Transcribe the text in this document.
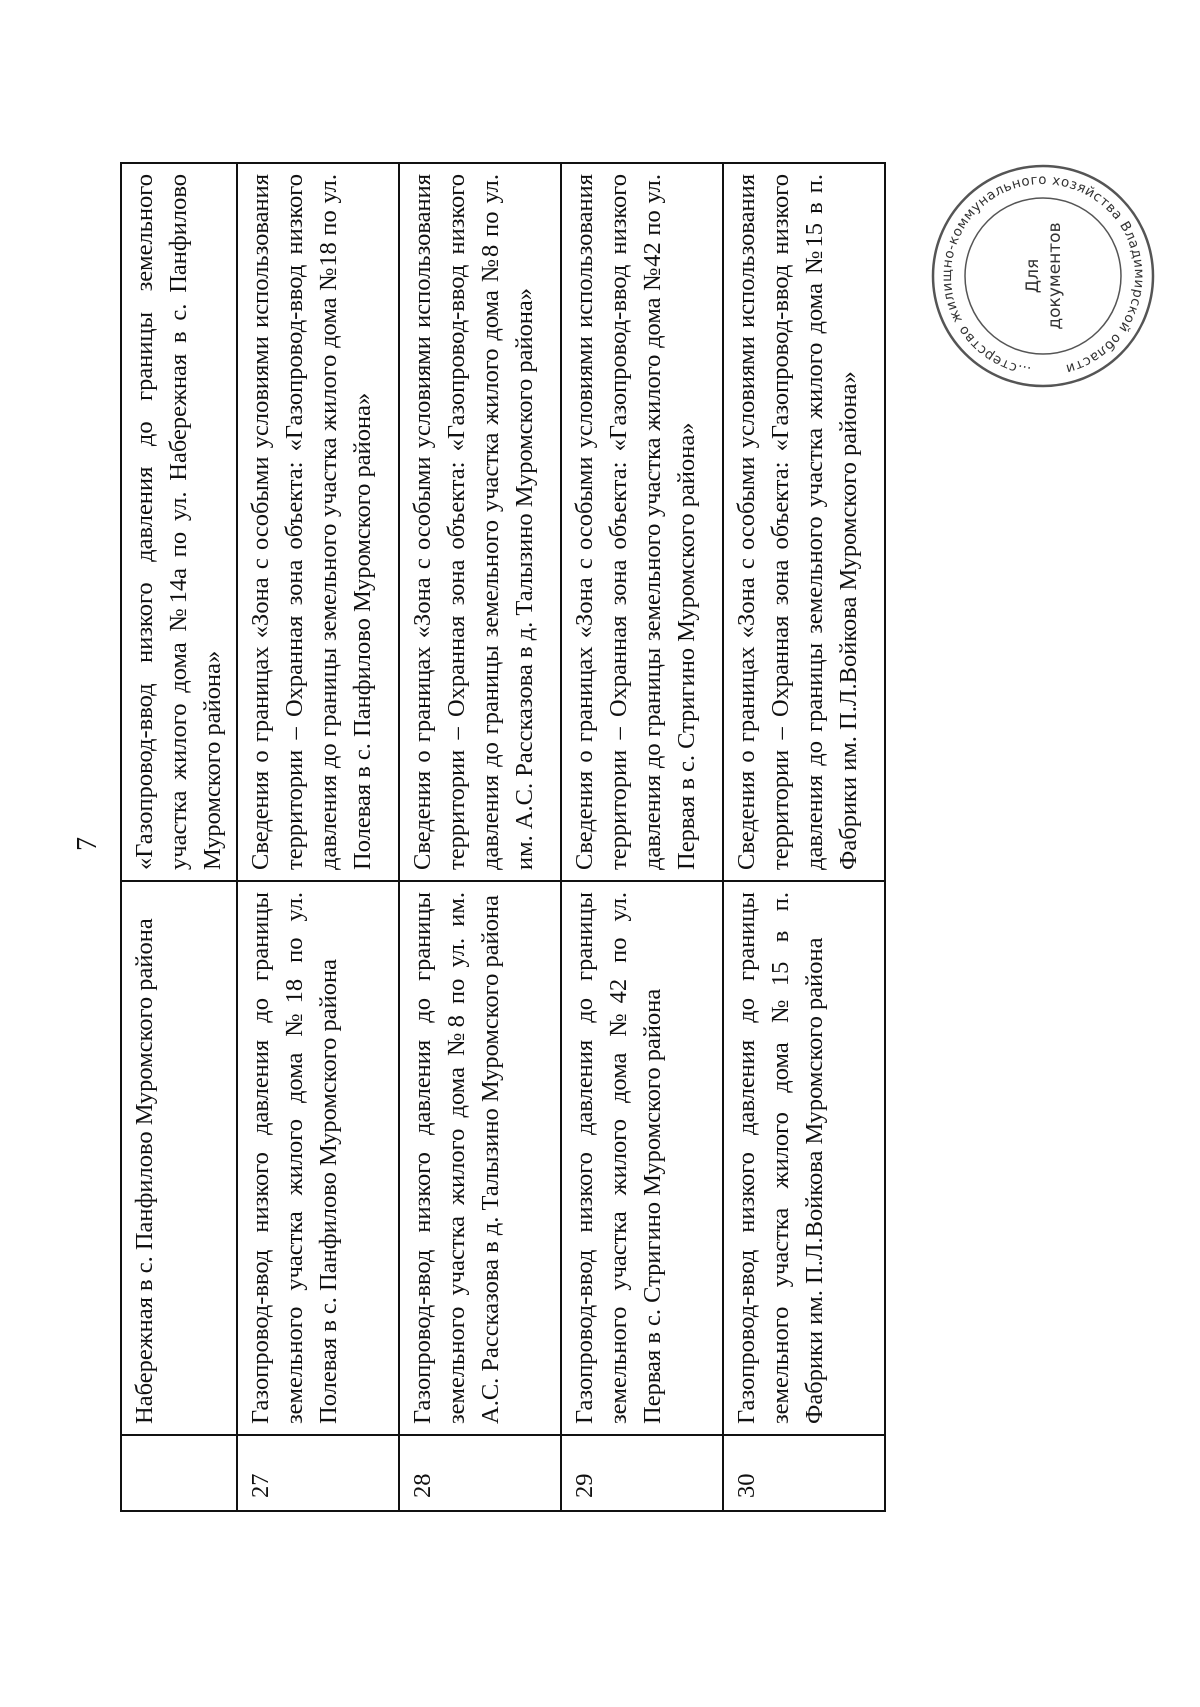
7
	Набережная в с. Панфилово Муромского района	«Газопровод-ввод низкого давления до границы земельного участка жилого дома №14а по ул. Набережная в с. Панфилово Муромского района»
27	Газопровод-ввод низкого давления до границы земельного участка жилого дома №18 по ул. Полевая в с. Панфилово Муромского района	Сведения о границах «Зона с особыми условиями использования территории – Охранная зона объекта: «Газопровод-ввод низкого давления до границы земельного участка жилого дома №18 по ул. Полевая в с. Панфилово Муромского района»
28	Газопровод-ввод низкого давления до границы земельного участка жилого дома №8 по ул. им. А.С. Рассказова в д. Талызино Муромского района	Сведения о границах «Зона с особыми условиями использования территории – Охранная зона объекта: «Газопровод-ввод низкого давления до границы земельного участка жилого дома №8 по ул. им. А.С. Рассказова в д. Талызино Муромского района»
29	Газопровод-ввод низкого давления до границы земельного участка жилого дома №42 по ул. Первая в с. Стригино Муромского района	Сведения о границах «Зона с особыми условиями использования территории – Охранная зона объекта: «Газопровод-ввод низкого давления до границы земельного участка жилого дома №42 по ул. Первая в с. Стригино Муромского района»
30	Газопровод-ввод низкого давления до границы земельного участка жилого дома №15 в п. Фабрики им. П.Л.Войкова Муромского района	Сведения о границах «Зона с особыми условиями использования территории – Охранная зона объекта: «Газопровод-ввод низкого давления до границы земельного участка жилого дома №15 в п. Фабрики им. П.Л.Войкова Муромского района»
…стерство жилищно-коммунального хозяйства Владимирской области
Для документов
